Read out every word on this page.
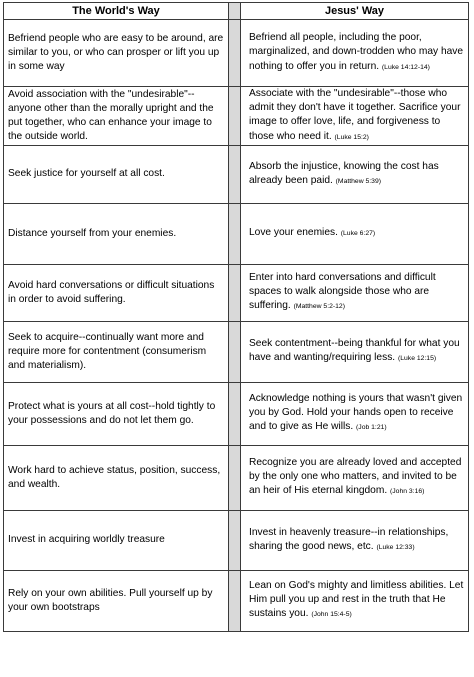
The World's Way		Jesus' Way
Befriend people who are easy to be around, are similar to you, or who can prosper or lift you up in some way		Befriend all people, including the poor, marginalized, and down-trodden who may have nothing to offer you in return. (Luke 14:12-14)
Avoid association with the "undesirable"--anyone other than the morally upright and the put together, who can enhance your image to the outside world.		Associate with the "undesirable"--those who admit they don't have it together. Sacrifice your image to offer love, life, and forgiveness to those who need it. (Luke 15:2)
Seek justice for yourself at all cost.		Absorb the injustice, knowing the cost has already been paid. (Matthew 5:39)
Distance yourself from your enemies.		Love your enemies. (Luke 6:27)
Avoid hard conversations or difficult situations in order to avoid suffering.		Enter into hard conversations and difficult spaces to walk alongside those who are suffering. (Matthew 5:2-12)
Seek to acquire--continually want more and require more for contentment (consumerism and materialism).		Seek contentment--being thankful for what you have and wanting/requiring less. (Luke 12:15)
Protect what is yours at all cost--hold tightly to your possessions and do not let them go.		Acknowledge nothing is yours that wasn't given you by God. Hold your hands open to receive and to give as He wills. (Job 1:21)
Work hard to achieve status, position, success, and wealth.		Recognize you are already loved and accepted by the only one who matters, and invited to be an heir of His eternal kingdom. (John 3:16)
Invest in acquiring worldly treasure		Invest in heavenly treasure--in relationships, sharing the good news, etc. (Luke 12:33)
Rely on your own abilities. Pull yourself up by your own bootstraps		Lean on God's mighty and limitless abilities. Let Him pull you up and rest in the truth that He sustains you. (John 15:4-5)
